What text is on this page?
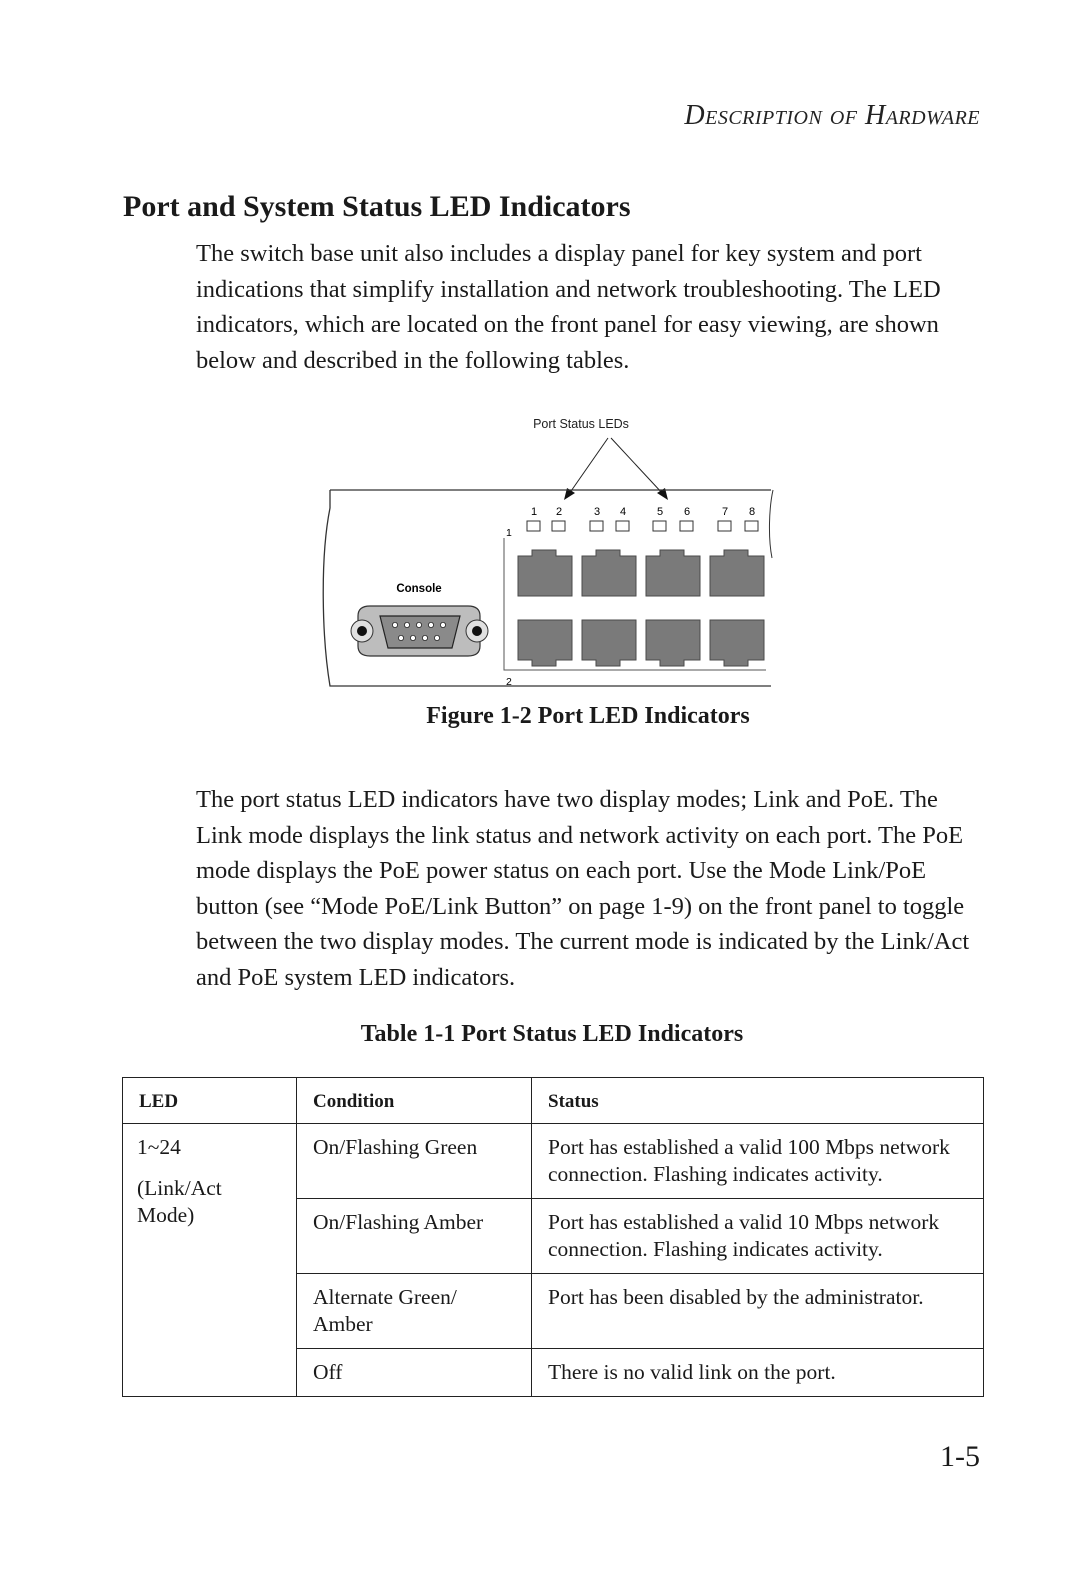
Description of Hardware
Port and System Status LED Indicators

The switch base unit also includes a display panel for key system and port indications that simplify installation and network troubleshooting. The LED indicators, which are located on the front panel for easy viewing, are shown below and described in the following tables.

Port Status LEDs
1 2	3 4	5 6	7 8
1
2
Console
Figure 1-2 Port LED Indicators

The port status LED indicators have two display modes; Link and PoE. The Link mode displays the link status and network activity on each port. The PoE mode displays the PoE power status on each port. Use the Mode Link/PoE button (see “Mode PoE/Link Button” on page 1-9) on the front panel to toggle between the two display modes. The current mode is indicated by the Link/Act and PoE system LED indicators.

Table 1-1 Port Status LED Indicators
LED	Condition	Status
1~24
(Link/Act Mode)	On/Flashing Green	Port has established a valid 100 Mbps network connection. Flashing indicates activity.
	On/Flashing Amber	Port has established a valid 10 Mbps network connection. Flashing indicates activity.
	Alternate Green/ Amber	Port has been disabled by the administrator.
	Off	There is no valid link on the port.
1-5
